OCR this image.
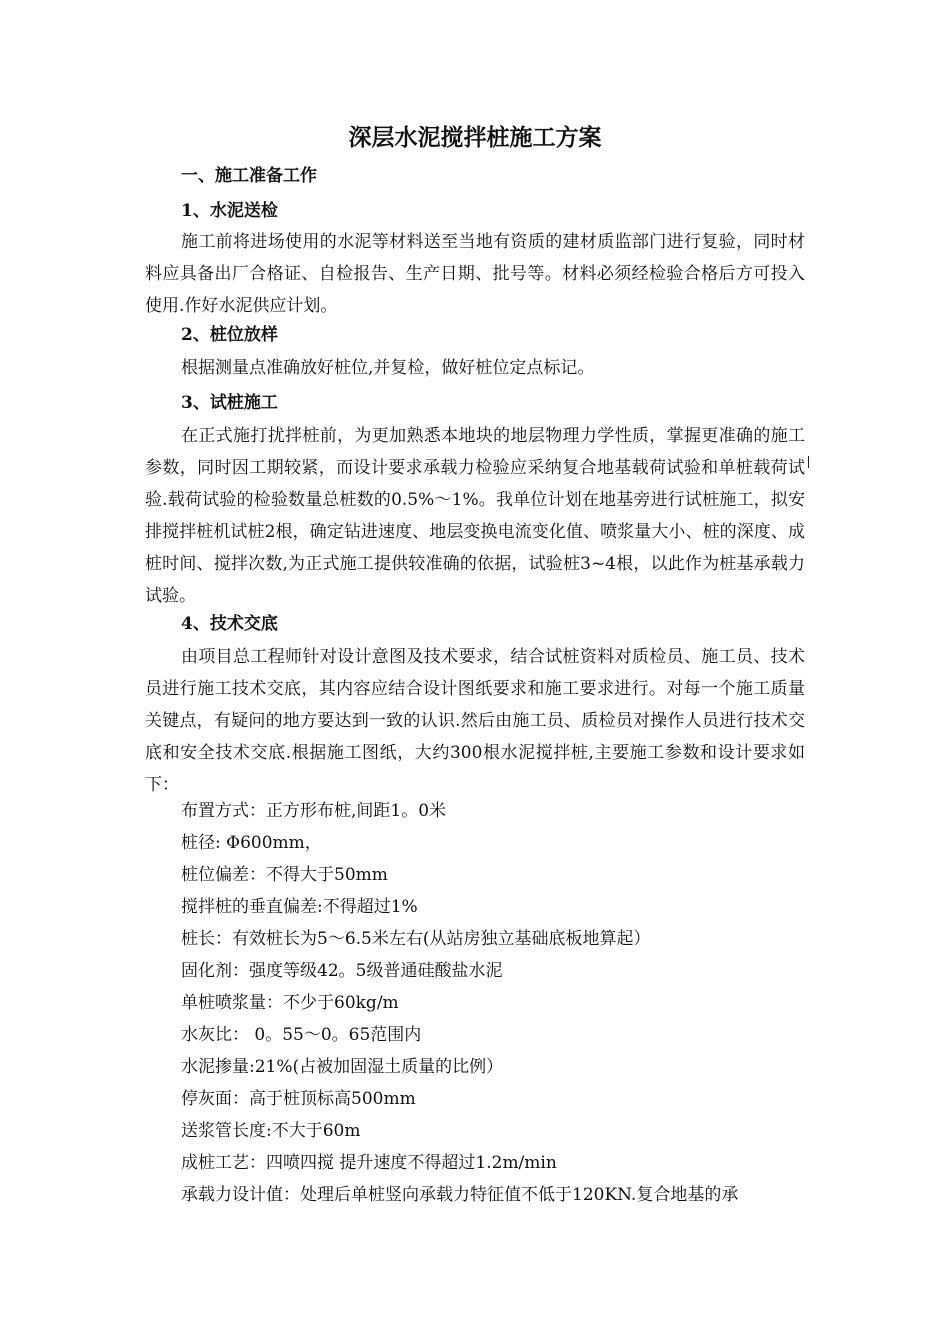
深层水泥搅拌桩施工方案
一、施工准备工作
1、水泥送检

施工前将进场使用的水泥等材料送至当地有资质的建材质监部门进行复验，同时材料应具备出厂合格证、自检报告、生产日期、批号等。材料必须经检验合格后方可投入使用.作好水泥供应计划。

2、桩位放样

根据测量点准确放好桩位,并复检，做好桩位定点标记。

3、试桩施工

在正式施打扰拌桩前，为更加熟悉本地块的地层物理力学性质，掌握更准确的施工参数，同时因工期较紧，而设计要求承载力检验应采纳复合地基载荷试验和单桩载荷试验.载荷试验的检验数量总桩数的0.5%～1%。我单位计划在地基旁进行试桩施工，拟安排搅拌桩机试桩2根，确定钻进速度、地层变换电流变化值、喷浆量大小、桩的深度、成桩时间、搅拌次数,为正式施工提供较准确的依据，试验桩3~4根，以此作为桩基承载力试验。

4、技术交底

由项目总工程师针对设计意图及技术要求，结合试桩资料对质检员、施工员、技术员进行施工技术交底，其内容应结合设计图纸要求和施工要求进行。对每一个施工质量关键点，有疑问的地方要达到一致的认识.然后由施工员、质检员对操作人员进行技术交底和安全技术交底.根据施工图纸，大约300根水泥搅拌桩,主要施工参数和设计要求如下：

布置方式：正方形布桩,间距1。0米
桩径: Φ600mm，
桩位偏差：不得大于50mm
搅拌桩的垂直偏差:不得超过1%
桩长：有效桩长为5～6.5米左右(从站房独立基础底板地算起）
固化剂：强度等级42。5级普通硅酸盐水泥
单桩喷浆量：不少于60kg/m
水灰比： 0。55～0。65范围内
水泥掺量:21%(占被加固湿土质量的比例）
停灰面：高于桩顶标高500mm
送浆管长度:不大于60m
成桩工艺：四喷四搅 提升速度不得超过1.2m/min
承载力设计值：处理后单桩竖向承载力特征值不低于120KN.复合地基的承
